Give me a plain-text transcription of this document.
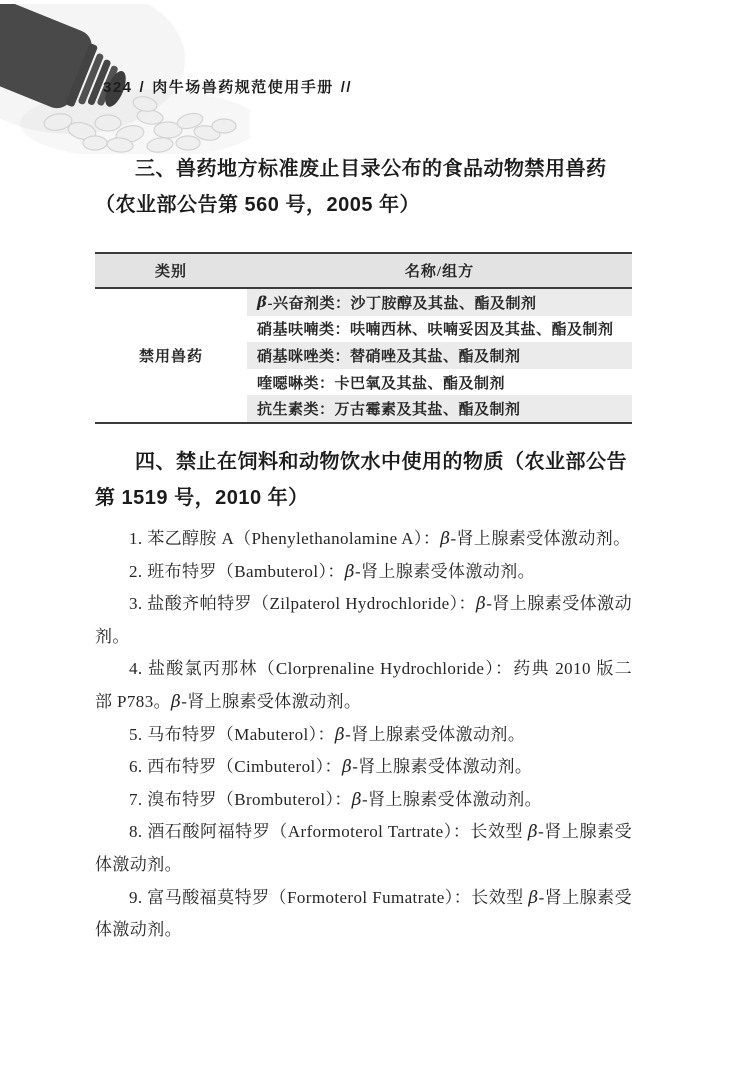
324 / 肉牛场兽药规范使用手册 //
三、兽药地方标准废止目录公布的食品动物禁用兽药
（农业部公告第 560 号，2005 年）
类别	名称/组方
禁用兽药
β -兴奋剂类：沙丁胺醇及其盐、酯及制剂
硝基呋喃类：呋喃西林、呋喃妥因及其盐、酯及制剂
硝基咪唑类：替硝唑及其盐、酯及制剂
喹噁啉类：卡巴氧及其盐、酯及制剂
抗生素类：万古霉素及其盐、酯及制剂
四、禁止在饲料和动物饮水中使用的物质（农业部公告
第 1519 号，2010 年）

1. 苯乙醇胺 A（Phenylethanolamine A）：β-肾上腺素受体激动剂。

2. 班布特罗（Bambuterol）：β-肾上腺素受体激动剂。

3. 盐酸齐帕特罗（Zilpaterol Hydrochloride）：β-肾上腺素受体激动剂。

4. 盐酸氯丙那林（Clorprenaline Hydrochloride）：药典 2010 版二部 P783。β-肾上腺素受体激动剂。

5. 马布特罗（Mabuterol）：β-肾上腺素受体激动剂。

6. 西布特罗（Cimbuterol）：β-肾上腺素受体激动剂。

7. 溴布特罗（Brombuterol）：β-肾上腺素受体激动剂。

8. 酒石酸阿福特罗（Arformoterol Tartrate）：长效型 β-肾上腺素受体激动剂。

9. 富马酸福莫特罗（Formoterol Fumatrate）：长效型 β-肾上腺素受体激动剂。
